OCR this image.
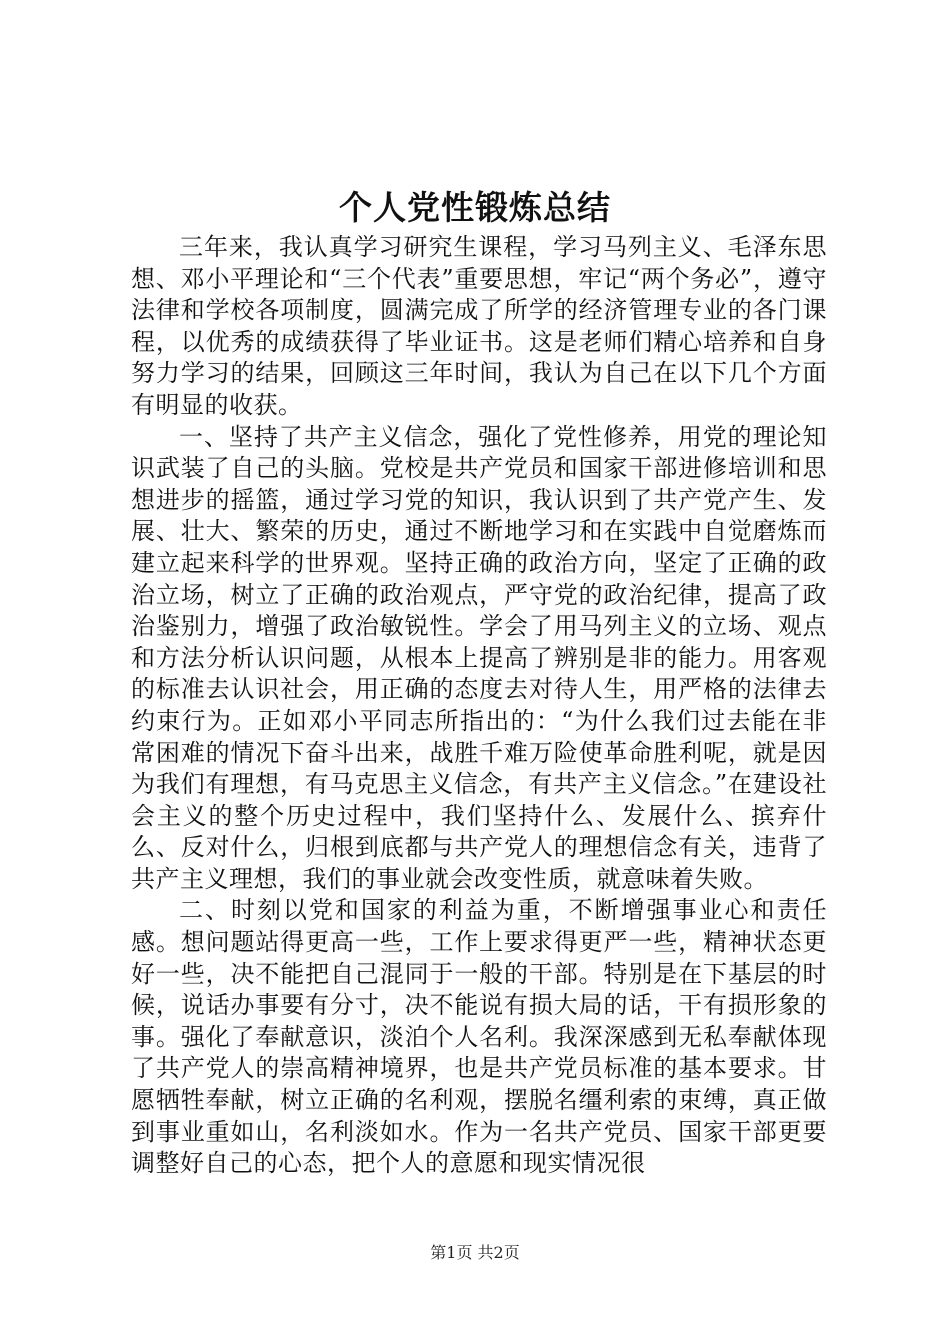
个人党性锻炼总结

三年来，我认真学习研究生课程，学习马列主义、毛泽东思想、邓小平理论和“三个代表”重要思想，牢记“两个务必”，遵守法律和学校各项制度，圆满完成了所学的经济管理专业的各门课程，以优秀的成绩获得了毕业证书。这是老师们精心培养和自身努力学习的结果，回顾这三年时间，我认为自己在以下几个方面有明显的收获。

一、坚持了共产主义信念，强化了党性修养，用党的理论知识武装了自己的头脑。党校是共产党员和国家干部进修培训和思想进步的摇篮，通过学习党的知识，我认识到了共产党产生、发展、壮大、繁荣的历史，通过不断地学习和在实践中自觉磨炼而建立起来科学的世界观。坚持正确的政治方向，坚定了正确的政治立场，树立了正确的政治观点，严守党的政治纪律，提高了政治鉴别力，增强了政治敏锐性。学会了用马列主义的立场、观点和方法分析认识问题，从根本上提高了辨别是非的能力。用客观的标准去认识社会，用正确的态度去对待人生，用严格的法律去约束行为。正如邓小平同志所指出的：“为什么我们过去能在非常困难的情况下奋斗出来，战胜千难万险使革命胜利呢，就是因为我们有理想，有马克思主义信念，有共产主义信念。”在建设社会主义的整个历史过程中，我们坚持什么、发展什么、摈弃什么、反对什么，归根到底都与共产党人的理想信念有关，违背了共产主义理想，我们的事业就会改变性质，就意味着失败。

二、时刻以党和国家的利益为重，不断增强事业心和责任感。想问题站得更高一些，工作上要求得更严一些，精神状态更好一些，决不能把自己混同于一般的干部。特别是在下基层的时候，说话办事要有分寸，决不能说有损大局的话，干有损形象的事。强化了奉献意识，淡泊个人名利。我深深感到无私奉献体现了共产党人的崇高精神境界，也是共产党员标准的基本要求。甘愿牺牲奉献，树立正确的名利观，摆脱名缰利索的束缚，真正做到事业重如山，名利淡如水。作为一名共产党员、国家干部更要调整好自己的心态，把个人的意愿和现实情况很

第1页 共2页
